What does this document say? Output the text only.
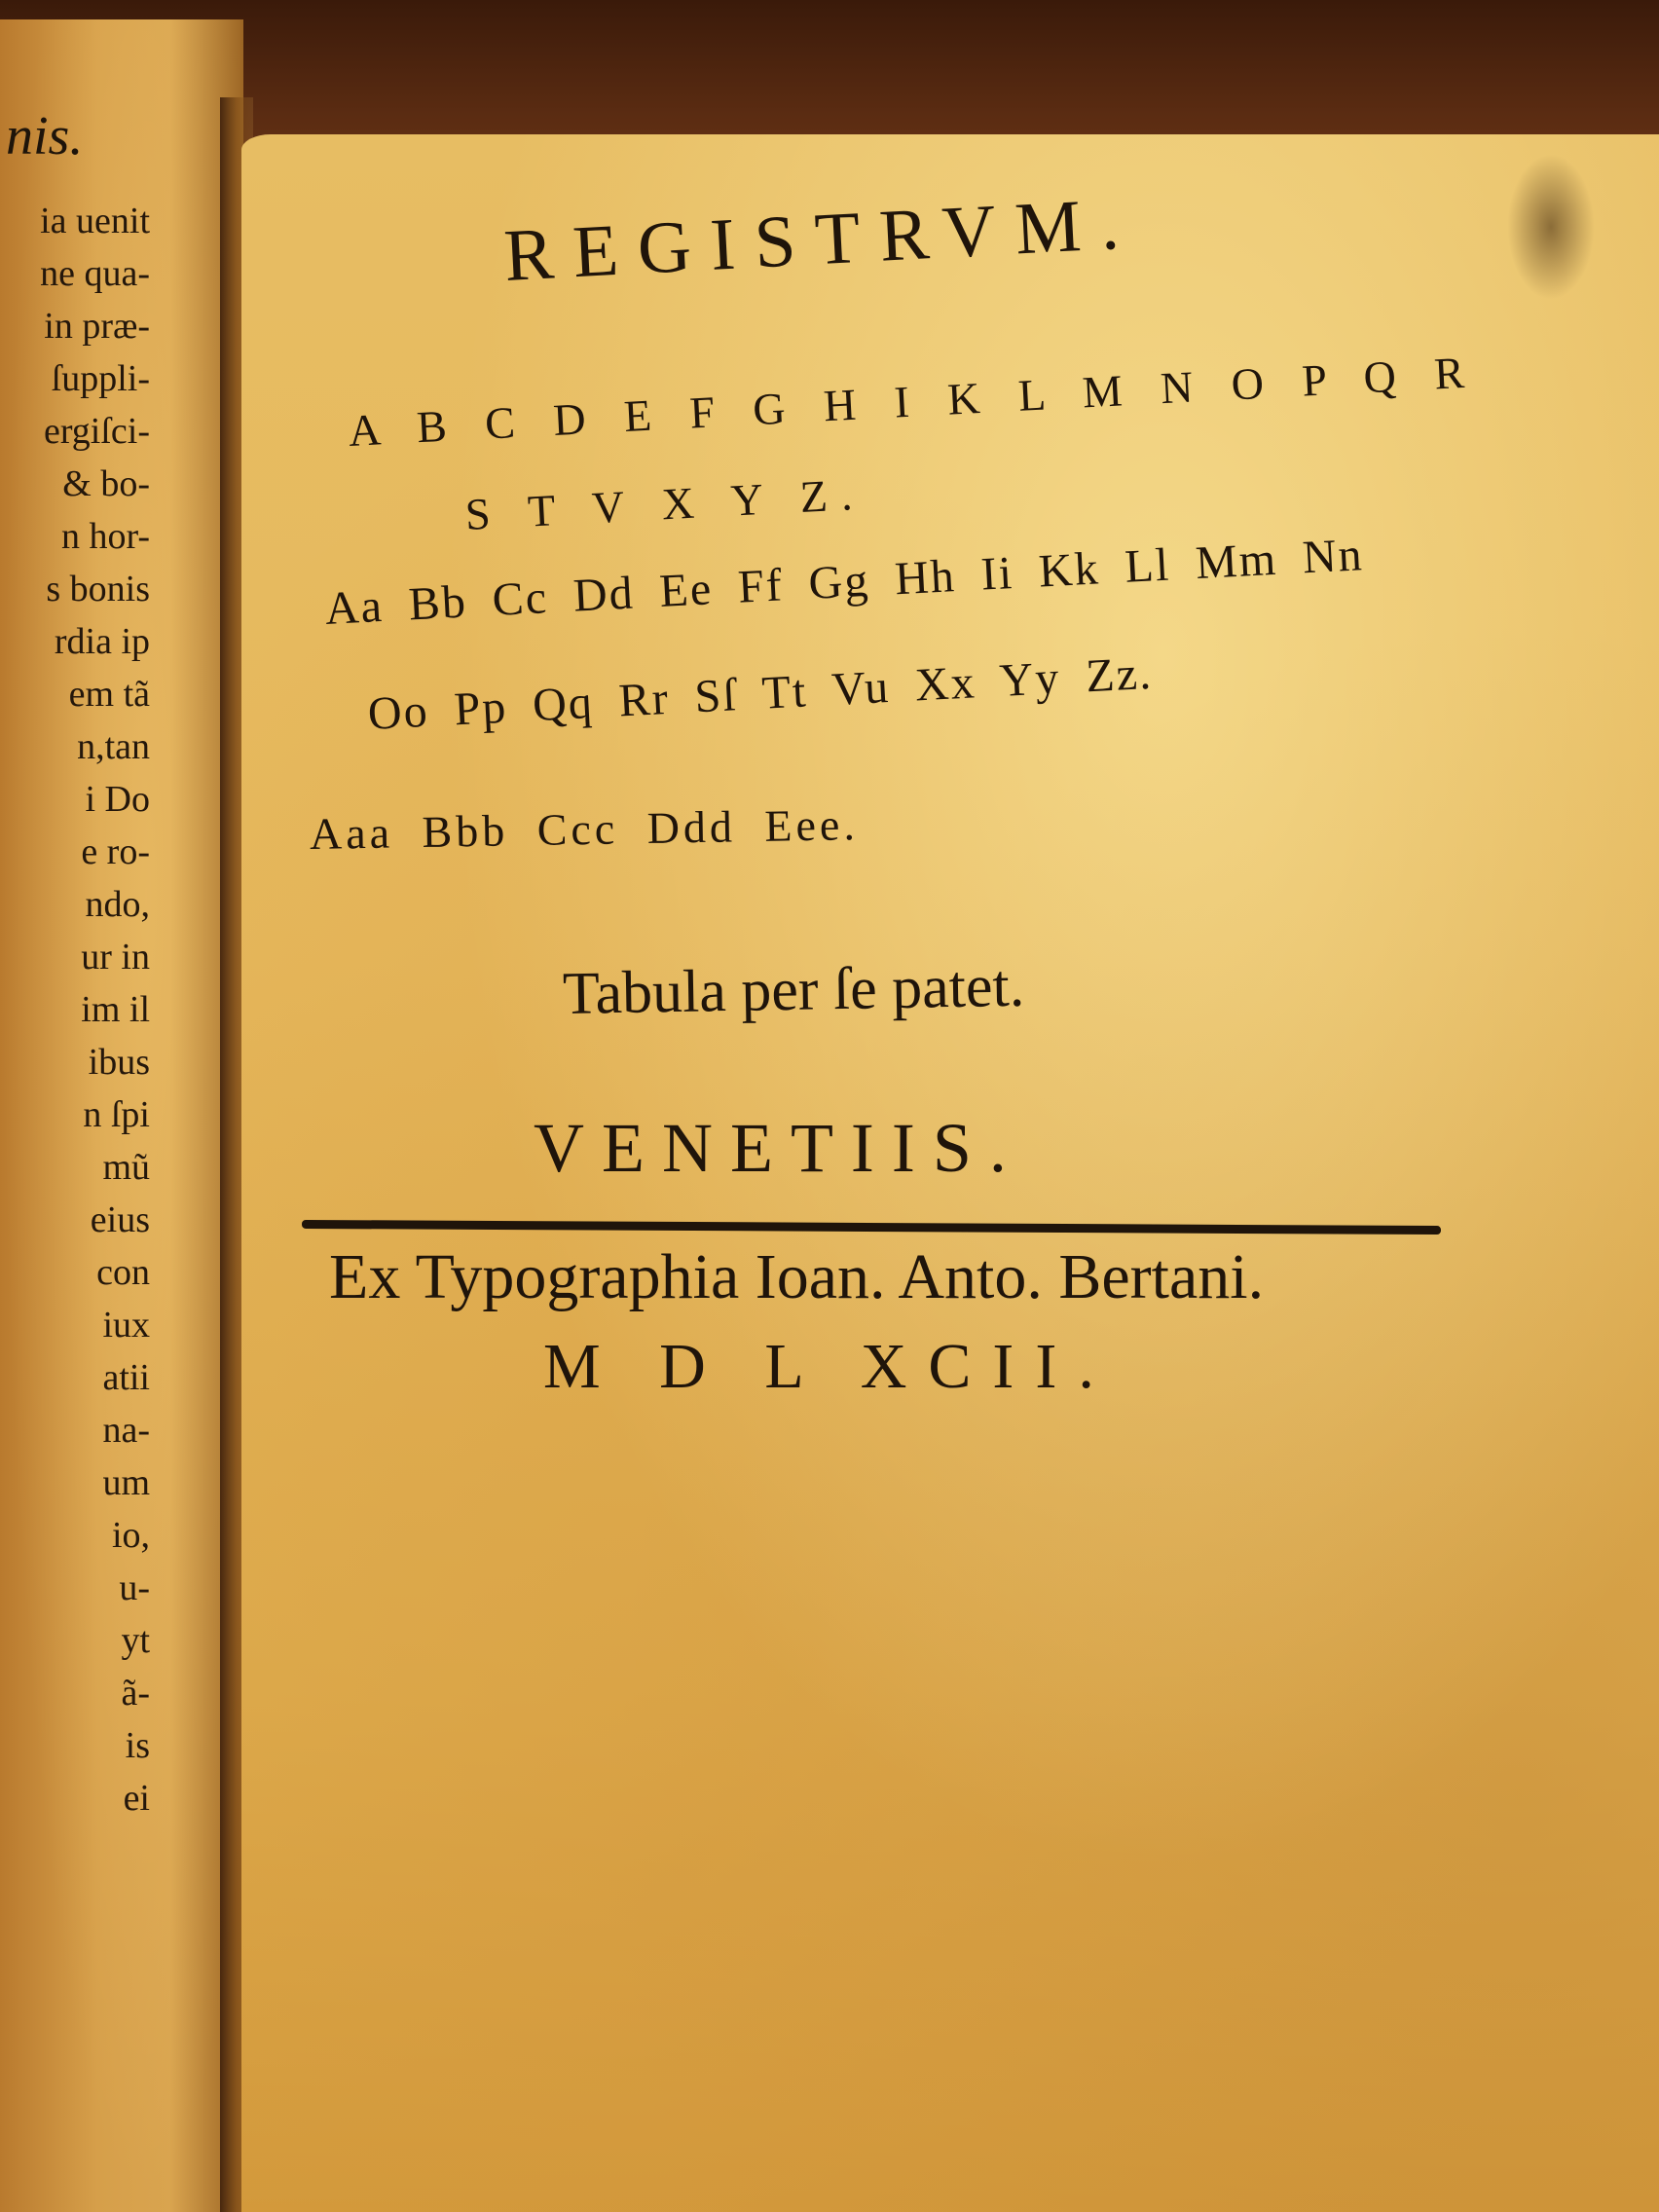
nis.
ia uenit
ne qua-
in præ-
ſuppli-
ergiſci-
& bo-
n hor-
s bonis
rdia ip
em tã
n,tan
i Do
e ro-
ndo,
ur in
im il
ibus
n ſpi
mũ
eius
con
iux
atii
na-
um
io,
u-
yt
ã-
is
ei
REGISTRVM.
A B C D E F G H I K L M N O P Q R
S T V X Y Z.
Aa Bb Cc Dd Ee Ff Gg Hh Ii Kk Ll Mm Nn
Oo Pp Qq Rr Sſ Tt Vu Xx Yy Zz.
Aaa Bbb Ccc Ddd Eee.
Tabula per ſe patet.
VENETIIS.
Ex Typographia Ioan. Anto. Bertani.
M D L XCII.
